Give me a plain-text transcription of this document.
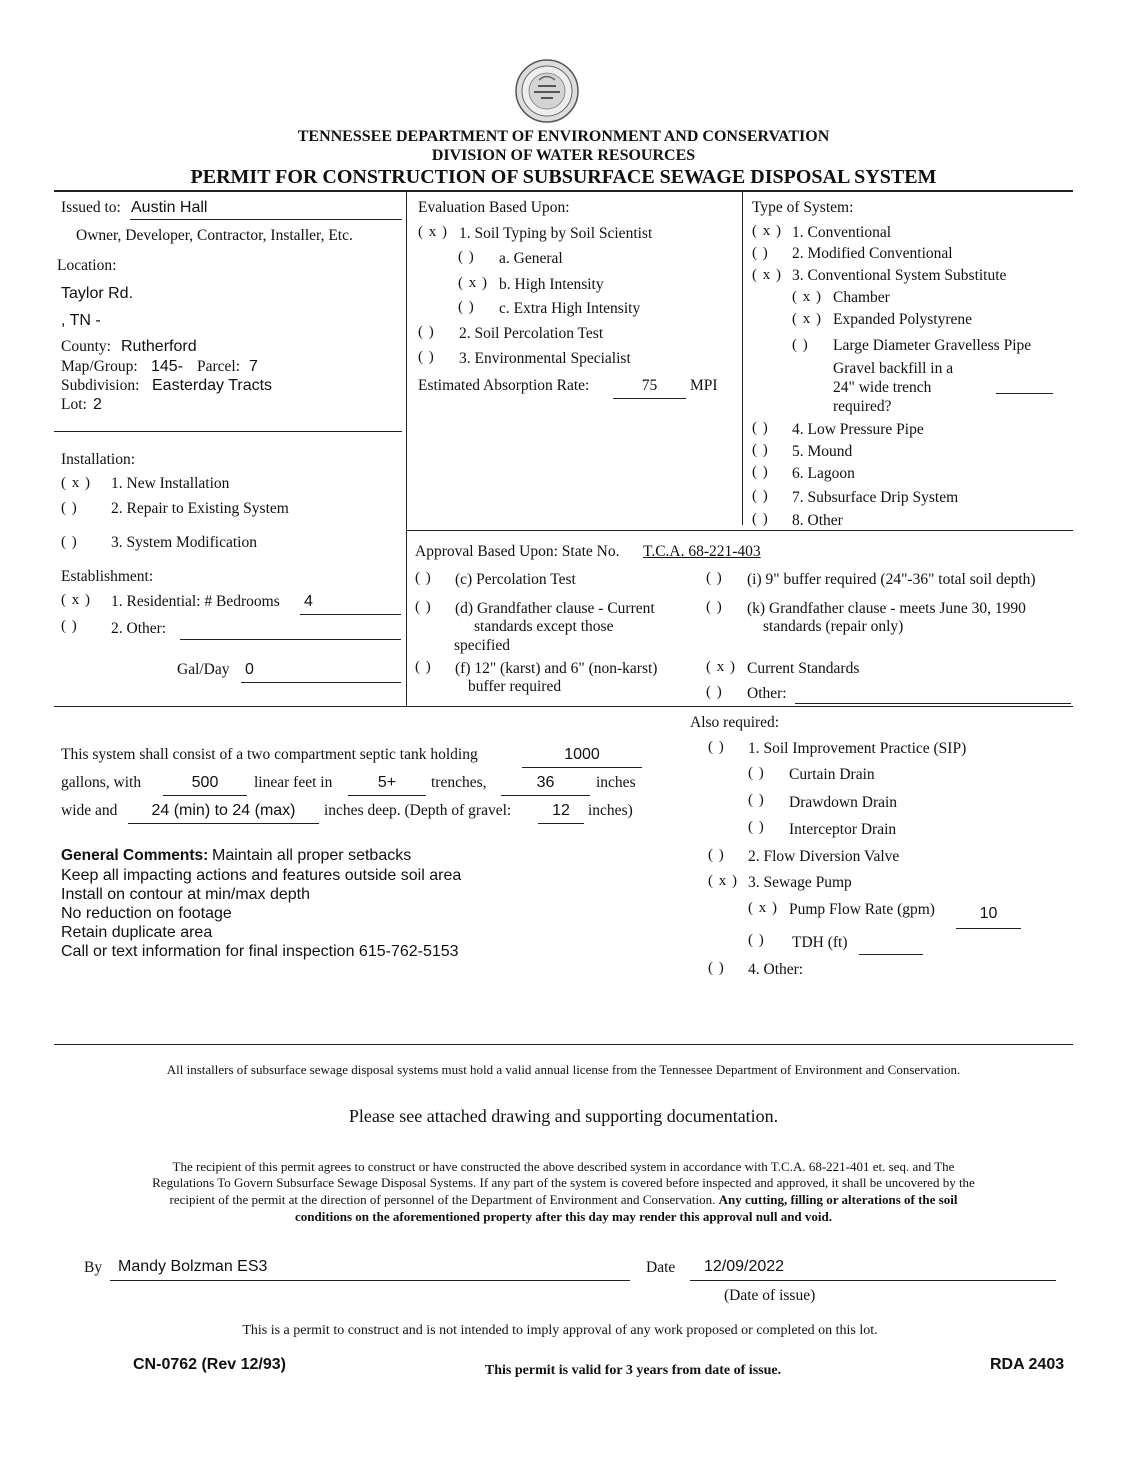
TENNESSEE DEPARTMENT OF ENVIRONMENT AND CONSERVATION
DIVISION OF WATER RESOURCES
PERMIT FOR CONSTRUCTION OF SUBSURFACE SEWAGE DISPOSAL SYSTEM
Issued to: Austin Hall
Owner, Developer, Contractor, Installer, Etc.
Location:
Taylor Rd.
, TN -
County: Rutherford
Map/Group: 145- Parcel: 7
Subdivision: Easterday Tracts
Lot: 2
Installation:
( x ) 1. New Installation
( ) 2. Repair to Existing System
( ) 3. System Modification
Establishment:
( x ) 1. Residential: # Bedrooms 4
( ) 2. Other:
Gal/Day 0
Evaluation Based Upon:
( x ) 1. Soil Typing by Soil Scientist
( ) a. General
( x ) b. High Intensity
( ) c. Extra High Intensity
( ) 2. Soil Percolation Test
( ) 3. Environmental Specialist
Estimated Absorption Rate:	75	MPI
Type of System:
( x ) 1. Conventional
( ) 2. Modified Conventional
( x ) 3. Conventional System Substitute
( x ) Chamber
( x ) Expanded Polystyrene
( ) Large Diameter Gravelless Pipe
Gravel backfill in a
24" wide trench
required?
( ) 4. Low Pressure Pipe
( ) 5. Mound
( ) 6. Lagoon
( ) 7. Subsurface Drip System
( ) 8. Other
Approval Based Upon: State No. T.C.A. 68-221-403
( ) (c) Percolation Test
( ) (d) Grandfather clause - Current
standards except those
specified
( ) (f) 12" (karst) and 6" (non-karst)
buffer required
( ) (i) 9" buffer required (24"-36" total soil depth)
( ) (k) Grandfather clause - meets June 30, 1990
standards (repair only)
( x ) Current Standards
( ) Other:
This system shall consist of a two compartment septic tank holding	1000
gallons, with	500	linear feet in	5+	trenches,	36	inches
wide and	24 (min) to 24 (max)	inches deep. (Depth of gravel:	12	inches)
General Comments: Maintain all proper setbacks
Keep all impacting actions and features outside soil area
Install on contour at min/max depth
No reduction on footage
Retain duplicate area
Call or text information for final inspection 615-762-5153
Also required:
( ) 1. Soil Improvement Practice (SIP)
( ) Curtain Drain
( ) Drawdown Drain
( ) Interceptor Drain
( ) 2. Flow Diversion Valve
( x ) 3. Sewage Pump
( x ) Pump Flow Rate (gpm)	10
( ) TDH (ft)
( ) 4. Other:
All installers of subsurface sewage disposal systems must hold a valid annual license from the Tennessee Department of Environment and Conservation.
Please see attached drawing and supporting documentation.
The recipient of this permit agrees to construct or have constructed the above described system in accordance with T.C.A. 68-221-401 et. seq. and The
Regulations To Govern Subsurface Sewage Disposal Systems. If any part of the system is covered before inspected and approved, it shall be uncovered by the
recipient of the permit at the direction of personnel of the Department of Environment and Conservation. Any cutting, filling or alterations of the soil
conditions on the aforementioned property after this day may render this approval null and void.
By Mandy Bolzman ES3	Date 12/09/2022
(Date of issue)
This is a permit to construct and is not intended to imply approval of any work proposed or completed on this lot.
CN-0762 (Rev 12/93)	This permit is valid for 3 years from date of issue.	RDA 2403
